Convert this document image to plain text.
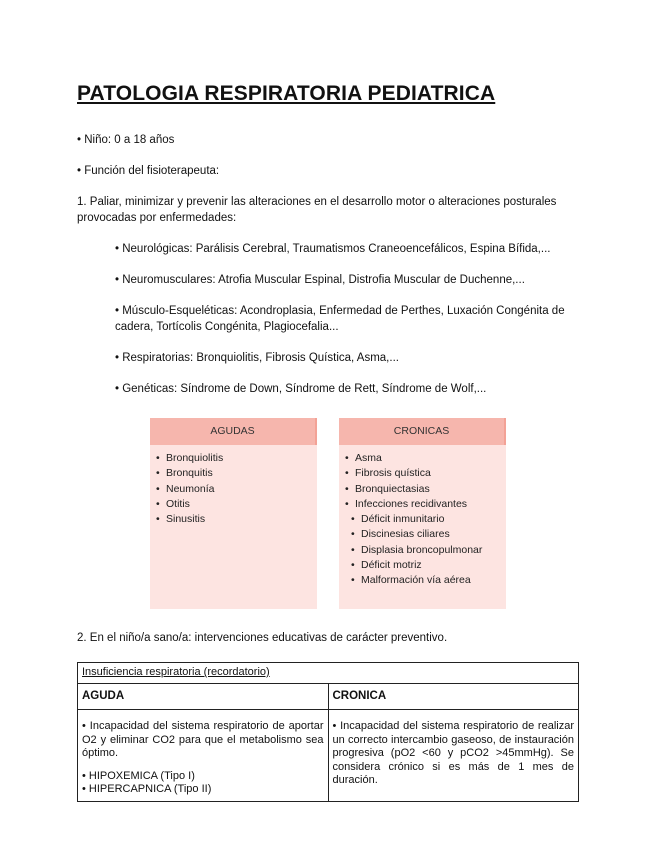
PATOLOGIA RESPIRATORIA PEDIATRICA

• Niño: 0 a 18 años

• Función del fisioterapeuta:

1. Paliar, minimizar y prevenir las alteraciones en el desarrollo motor o alteraciones posturales provocadas por enfermedades:

• Neurológicas: Parálisis Cerebral, Traumatismos Craneoencefálicos, Espina Bífida,...

• Neuromusculares: Atrofia Muscular Espinal, Distrofia Muscular de Duchenne,...

• Músculo-Esqueléticas: Acondroplasia, Enfermedad de Perthes, Luxación Congénita de cadera, Tortícolis Congénita, Plagiocefalia...

• Respiratorias: Bronquiolitis, Fibrosis Quística, Asma,...

• Genéticas: Síndrome de Down, Síndrome de Rett, Síndrome de Wolf,...

AGUDAS
• Bronquiolitis
• Bronquitis
• Neumonía
• Otitis
• Sinusitis
CRONICAS
• Asma
• Fibrosis quística
• Bronquiectasias
• Infecciones recidivantes
• Déficit inmunitario
• Discinesias ciliares
• Displasia broncopulmonar
• Déficit motriz
• Malformación vía aérea

2. En el niño/a sano/a: intervenciones educativas de carácter preventivo.

Insuficiencia respiratoria (recordatorio)	
AGUDA	CRONICA

• Incapacidad del sistema respiratorio de aportar O2 y eliminar CO2 para que el metabolismo sea óptimo.
• HIPOXEMICA (Tipo I)
• HIPERCAPNICA (Tipo II)	• Incapacidad del sistema respiratorio de realizar un correcto intercambio gaseoso, de instauración progresiva (pO2 <60 y pCO2 >45mmHg). Se considera crónico si es más de 1 mes de duración.
